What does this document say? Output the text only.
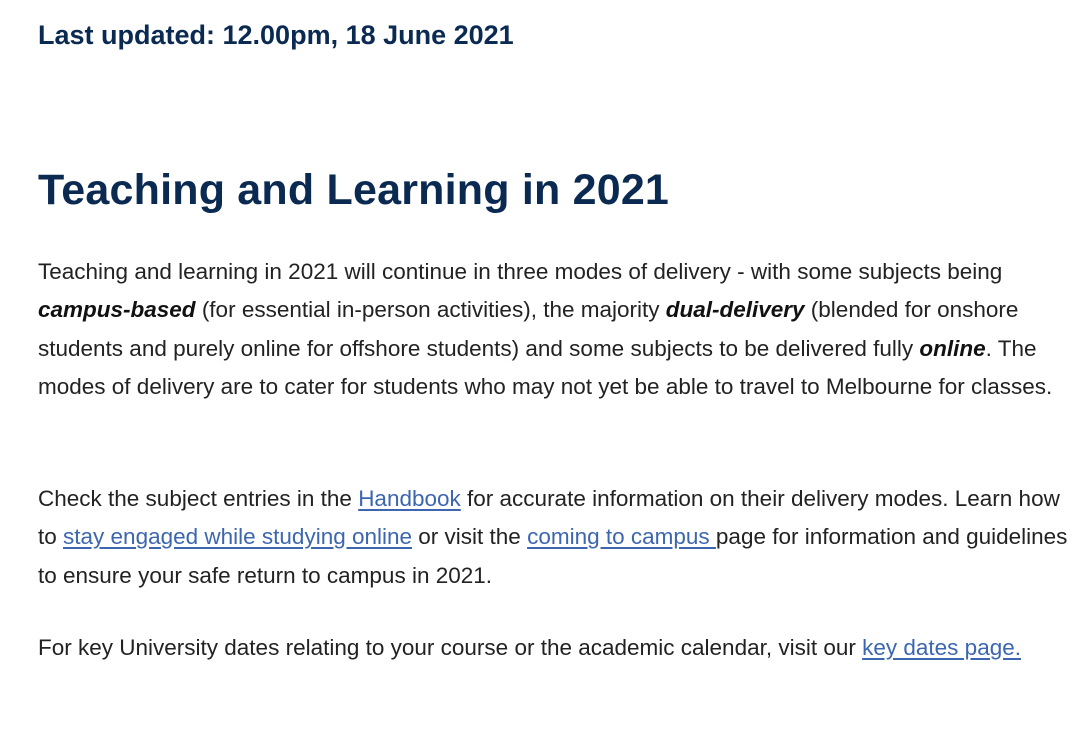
Last updated: 12.00pm, 18 June 2021
Teaching and Learning in 2021

Teaching and learning in 2021 will continue in three modes of delivery - with some subjects being campus-based (for essential in-person activities), the majority dual-delivery (blended for onshore students and purely online for offshore students) and some subjects to be delivered fully online. The modes of delivery are to cater for students who may not yet be able to travel to Melbourne for classes.

Check the subject entries in the Handbook for accurate information on their delivery modes. Learn how to stay engaged while studying online or visit the coming to campus page for information and guidelines to ensure your safe return to campus in 2021.

For key University dates relating to your course or the academic calendar, visit our key dates page.
